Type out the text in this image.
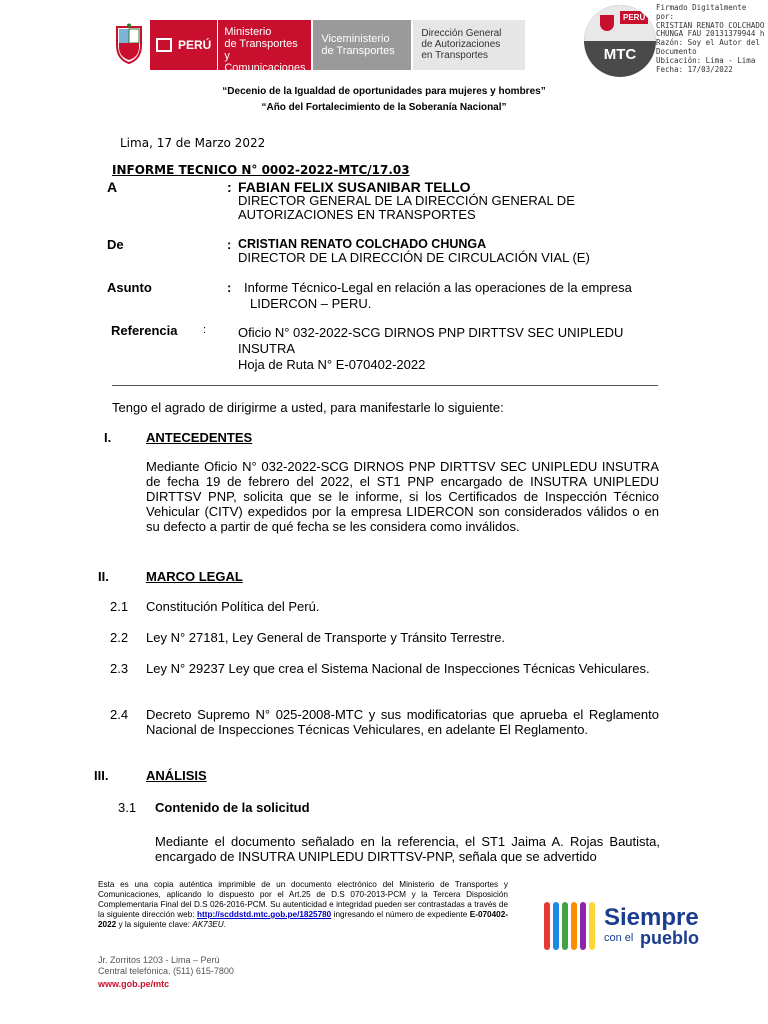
PERÚ
Ministerio
de Transportes
y Comunicaciones
Viceministerio
de Transportes
Dirección General
de Autorizaciones
en Transportes
PERÚ
MTC
Firmado Digitalmente por:
CRISTIAN RENATO COLCHADO
CHUNGA FAU 20131379944 h
Razón: Soy el Autor del
Documento
Ubicación: Lima - Lima
Fecha: 17/03/2022
“Decenio de la Igualdad de oportunidades para mujeres y hombres”
“Año del Fortalecimiento de la Soberanía Nacional”
Lima, 17 de Marzo 2022
INFORME TECNICO N° 0002-2022-MTC/17.03
A	: FABIAN FELIX SUSANIBAR TELLO
DIRECTOR GENERAL DE LA DIRECCIÓN GENERAL DE
AUTORIZACIONES EN TRANSPORTES
De	: CRISTIAN RENATO COLCHADO CHUNGA
DIRECTOR DE LA DIRECCIÓN DE CIRCULACIÓN VIAL (E)
Asunto	: Informe Técnico-Legal en relación a las operaciones de la empresa
LIDERCON – PERU.
Referencia : Oficio N° 032-2022-SCG DIRNOS PNP DIRTTSV SEC UNIPLEDU
INSUTRA
Hoja de Ruta N° E-070402-2022
Tengo el agrado de dirigirme a usted, para manifestarle lo siguiente:
I.	ANTECEDENTES
Mediante Oficio N° 032-2022-SCG DIRNOS PNP DIRTTSV SEC UNIPLEDU INSUTRA de fecha 19 de febrero del 2022, el ST1 PNP encargado de INSUTRA UNIPLEDU DIRTTSV PNP, solicita que se le informe, si los Certificados de Inspección Técnico Vehicular (CITV) expedidos por la empresa LIDERCON son considerados válidos o en su defecto a partir de qué fecha se les considera como inválidos.
II.	MARCO LEGAL
2.1 Constitución Política del Perú.
2.2 Ley N° 27181, Ley General de Transporte y Tránsito Terrestre.
2.3 Ley N° 29237 Ley que crea el Sistema Nacional de Inspecciones Técnicas Vehiculares.
2.4 Decreto Supremo N° 025-2008-MTC y sus modificatorias que aprueba el Reglamento Nacional de Inspecciones Técnicas Vehiculares, en adelante El Reglamento.
III.	ANÁLISIS
3.1 Contenido de la solicitud
Mediante el documento señalado en la referencia, el ST1 Jaima A. Rojas Bautista, encargado de INSUTRA UNIPLEDU DIRTTSV-PNP, señala que se advertido
Esta es una copia auténtica imprimible de un documento electrónico del Ministerio de Transportes y Comunicaciones, aplicando lo dispuesto por el Art.25 de D.S 070-2013-PCM y la Tercera Disposición Complementaria Final del D.S 026-2016-PCM. Su autenticidad e integridad pueden ser contrastadas a través de la siguiente dirección web: http://scddstd.mtc.gob.pe/1825780 ingresando el número de expediente E-070402-2022 y la siguiente clave: AK73EU.
Jr. Zorritos 1203 - Lima – Perú
Central telefónica. (511) 615-7800
www.gob.pe/mtc
Siempre
con el pueblo
